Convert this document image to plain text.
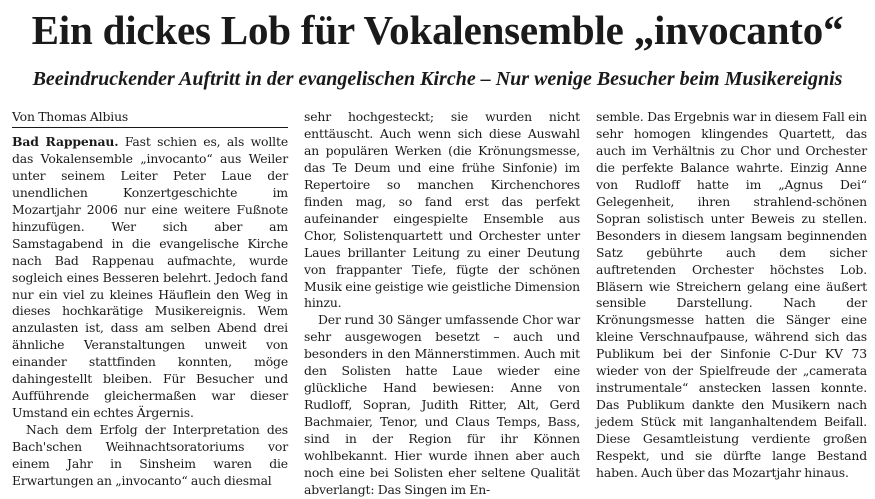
Ein dickes Lob für Vokalensemble „invocanto“
Beeindruckender Auftritt in der evangelischen Kirche – Nur wenige Besucher beim Musikereignis
Von Thomas Albius

Bad Rappenau. Fast schien es, als wollte das Vokalensemble „invocanto“ aus Weiler unter seinem Leiter Peter Laue der unendlichen Konzertgeschichte im Mozartjahr 2006 nur eine weitere Fußnote hinzufügen. Wer sich aber am Samstagabend in die evangelische Kirche nach Bad Rappenau aufmachte, wurde sogleich eines Besseren belehrt. Jedoch fand nur ein viel zu kleines Häuflein den Weg in dieses hochkarätige Musikereignis. Wem anzulasten ist, dass am selben Abend drei ähnliche Veranstaltungen unweit von einander stattfinden konnten, möge dahingestellt bleiben. Für Besucher und Aufführende gleichermaßen war dieser Umstand ein echtes Ärgernis.

Nach dem Erfolg der Interpretation des Bach'schen Weihnachtsoratoriums vor einem Jahr in Sinsheim waren die Erwartungen an „invocanto“ auch diesmal

sehr hochgesteckt; sie wurden nicht enttäuscht. Auch wenn sich diese Auswahl an populären Werken (die Krönungsmesse, das Te Deum und eine frühe Sinfonie) im Repertoire so manchen Kirchenchores finden mag, so fand erst das perfekt aufeinander eingespielte Ensemble aus Chor, Solistenquartett und Orchester unter Laues brillanter Leitung zu einer Deutung von frappanter Tiefe, fügte der schönen Musik eine geistige wie geistliche Dimension hinzu.

Der rund 30 Sänger umfassende Chor war sehr ausgewogen besetzt – auch und besonders in den Männerstimmen. Auch mit den Solisten hatte Laue wieder eine glückliche Hand bewiesen: Anne von Rudloff, Sopran, Judith Ritter, Alt, Gerd Bachmaier, Tenor, und Claus Temps, Bass, sind in der Region für ihr Können wohlbekannt. Hier wurde ihnen aber auch noch eine bei Solisten eher seltene Qualität abverlangt: Das Singen im En-

semble. Das Ergebnis war in diesem Fall ein sehr homogen klingendes Quartett, das auch im Verhältnis zu Chor und Orchester die perfekte Balance wahrte. Einzig Anne von Rudloff hatte im „Agnus Dei“ Gelegenheit, ihren strahlend-schönen Sopran solistisch unter Beweis zu stellen. Besonders in diesem langsam beginnenden Satz gebührte auch dem sicher auftretenden Orchester höchstes Lob. Bläsern wie Streichern gelang eine äußert sensible Darstellung. Nach der Krönungsmesse hatten die Sänger eine kleine Verschnaufpause, während sich das Publikum bei der Sinfonie C-Dur KV 73 wieder von der Spielfreude der „camerata instrumentale“ anstecken lassen konnte. Das Publikum dankte den Musikern nach jedem Stück mit langanhaltendem Beifall. Diese Gesamtleistung verdiente großen Respekt, und sie dürfte lange Bestand haben. Auch über das Mozartjahr hinaus.
